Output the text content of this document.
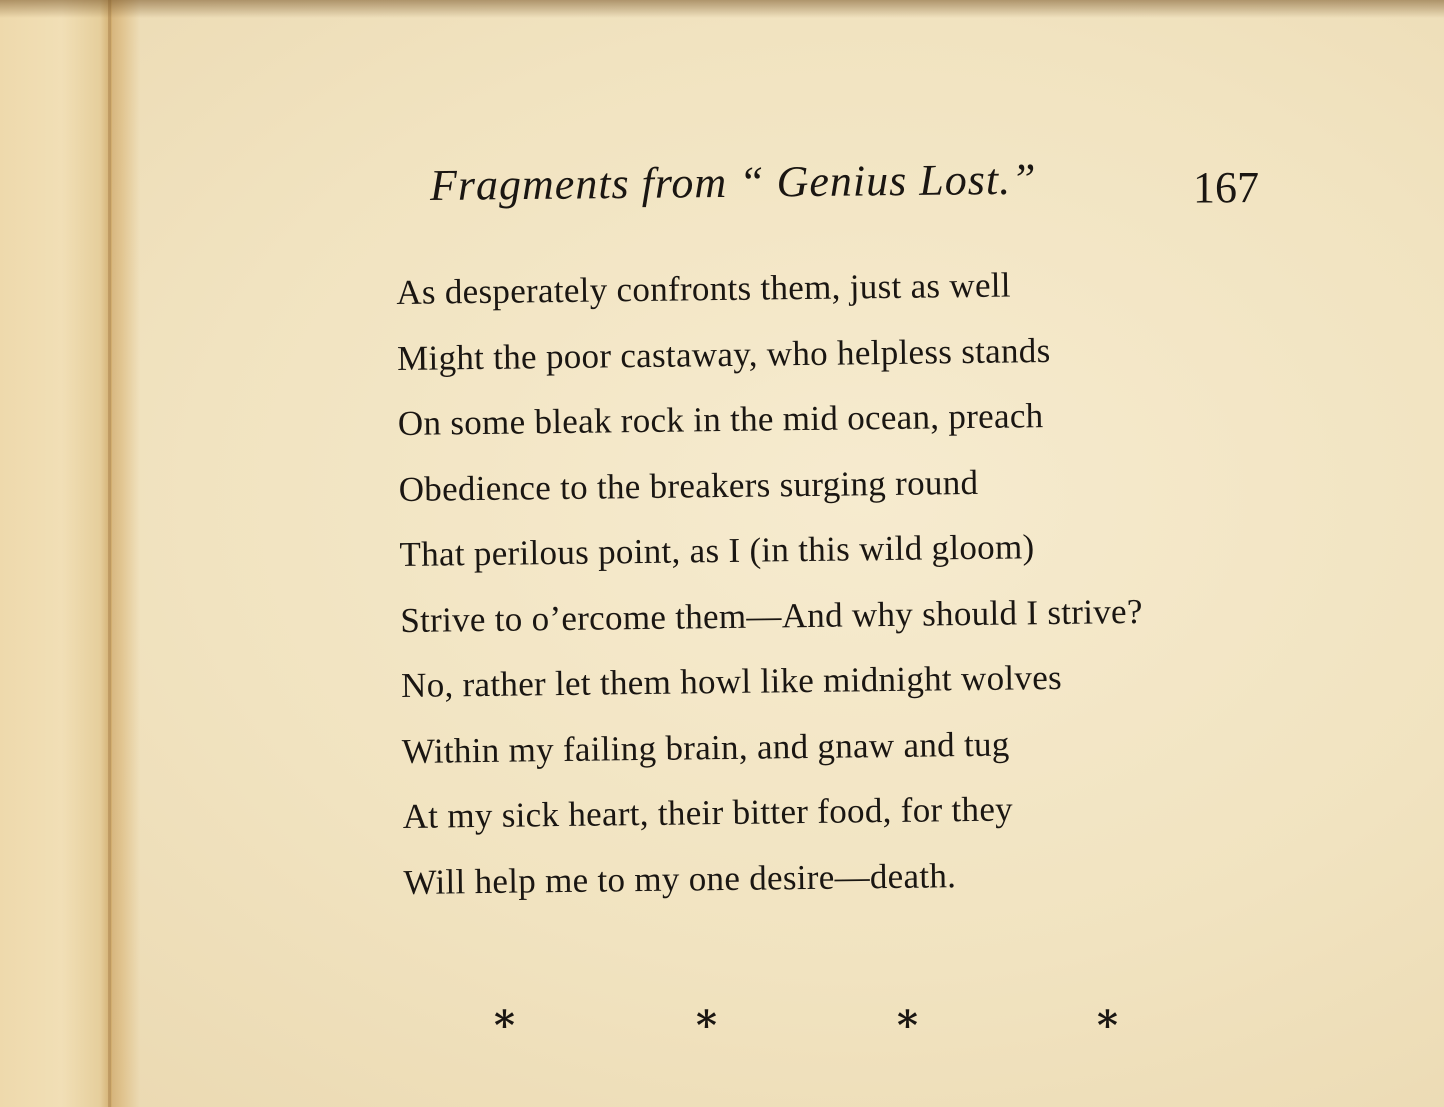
Fragments from “ Genius Lost.”	167
As desperately confronts them, just as well
Might the poor castaway, who helpless stands
On some bleak rock in the mid ocean, preach
Obedience to the breakers surging round
That perilous point, as I (in this wild gloom)
Strive to o’ercome them—And why should I strive?
No, rather let them howl like midnight wolves
Within my failing brain, and gnaw and tug
At my sick heart, their bitter food, for they
Will help me to my one desire—death.
*	*	*	*
